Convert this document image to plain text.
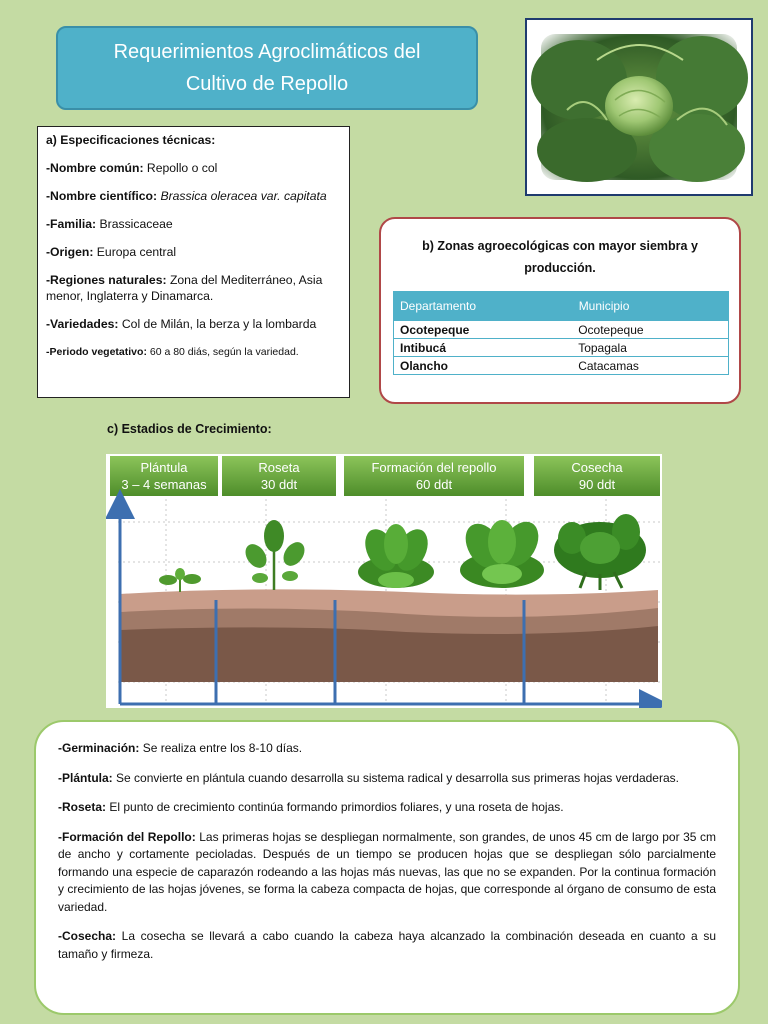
Requerimientos Agroclimáticos del
Cultivo de Repollo
a) Especificaciones técnicas:

-Nombre común: Repollo o col

-Nombre científico: Brassica oleracea var. capitata

-Familia: Brassicaceae

-Origen: Europa central

-Regiones naturales: Zona del Mediterráneo, Asia menor, Inglaterra y Dinamarca.

-Variedades: Col de Milán, la berza y la lombarda

-Periodo vegetativo: 60 a 80 diás, según la variedad.

b) Zonas agroecológicas con mayor siembra y
producción.
Departamento	Municipio
Ocotepeque	Ocotepeque
Intibucá	Topagala
Olancho	Catacamas
c) Estadios de Crecimiento:
Plántula
3 – 4 semanas
Roseta
30 ddt
Formación del repollo
60 ddt
Cosecha
90 ddt

-Germinación: Se realiza entre los 8-10 días.

-Plántula: Se convierte en plántula cuando desarrolla su sistema radical y desarrolla sus primeras hojas verdaderas.

-Roseta: El punto de crecimiento continúa formando primordios foliares, y una roseta de hojas.

-Formación del Repollo: Las primeras hojas se despliegan normalmente, son grandes, de unos 45 cm de largo por 35 cm de ancho y cortamente pecioladas. Después de un tiempo se producen hojas que se despliegan sólo parcialmente formando una especie de caparazón rodeando a las hojas más nuevas, las que no se expanden. Por la continua formación y crecimiento de las hojas jóvenes, se forma la cabeza compacta de hojas, que corresponde al órgano de consumo de esta variedad.

-Cosecha: La cosecha se llevará a cabo cuando la cabeza haya alcanzado la combinación deseada en cuanto a su tamaño y firmeza.
